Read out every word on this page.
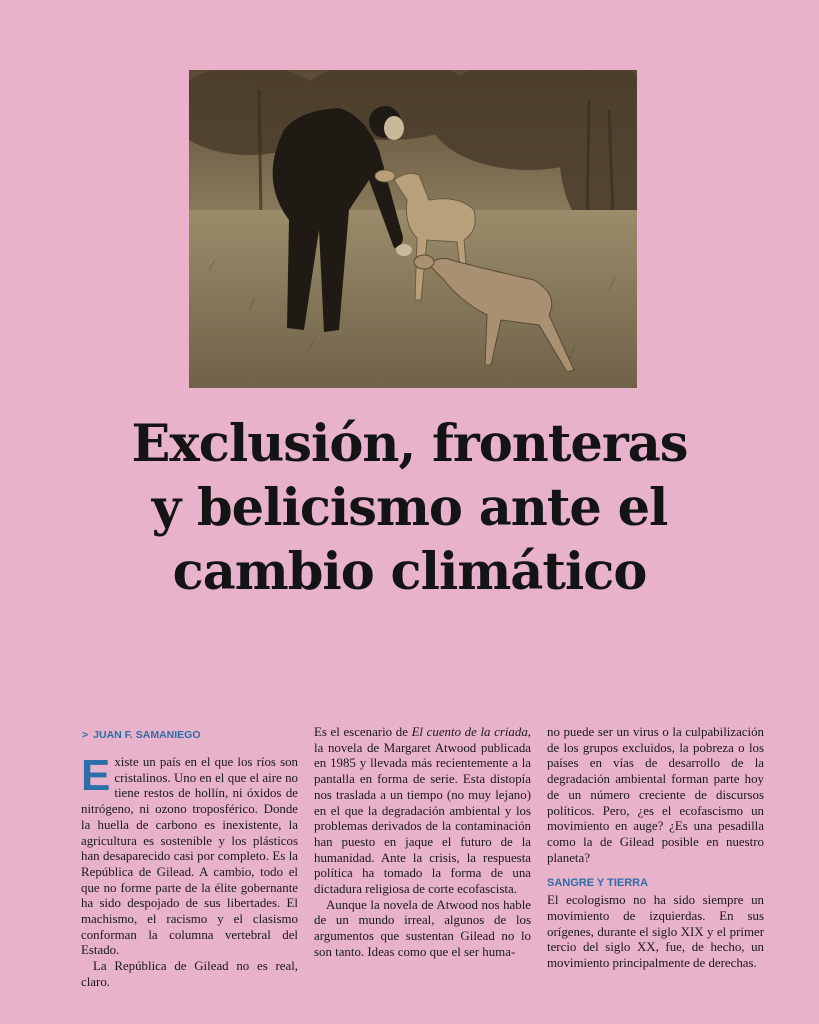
Exclusión, fronteras
y belicismo ante el
cambio climático
> JUAN F. SAMANIEGO

Existe un país en el que los ríos son cristalinos. Uno en el que el aire no tiene restos de hollín, ni óxidos de nitrógeno, ni ozono troposférico. Donde la huella de carbono es inexistente, la agricultura es sostenible y los plásticos han desaparecido casi por completo. Es la República de Gilead. A cambio, todo el que no forme parte de la élite gobernante ha sido despojado de sus libertades. El machismo, el racismo y el clasismo conforman la columna vertebral del Estado.

La República de Gilead no es real, claro.

Es el escenario de El cuento de la criada, la novela de Margaret Atwood publicada en 1985 y llevada más recientemente a la pantalla en forma de serie. Esta distopía nos traslada a un tiempo (no muy lejano) en el que la degradación ambiental y los problemas derivados de la contaminación han puesto en jaque el futuro de la humanidad. Ante la crisis, la respuesta política ha tomado la forma de una dictadura religiosa de corte ecofascista.

Aunque la novela de Atwood nos hable de un mundo irreal, algunos de los argumentos que sustentan Gilead no lo son tanto. Ideas como que el ser huma-

no puede ser un virus o la culpabilización de los grupos excluidos, la pobreza o los países en vías de desarrollo de la degradación ambiental forman parte hoy de un número creciente de discursos políticos. Pero, ¿es el ecofascismo un movimiento en auge? ¿Es una pesadilla como la de Gilead posible en nuestro planeta?

SANGRE Y TIERRA

El ecologismo no ha sido siempre un movimiento de izquierdas. En sus orígenes, durante el siglo XIX y el primer tercio del siglo XX, fue, de hecho, un movimiento principalmente de derechas.
